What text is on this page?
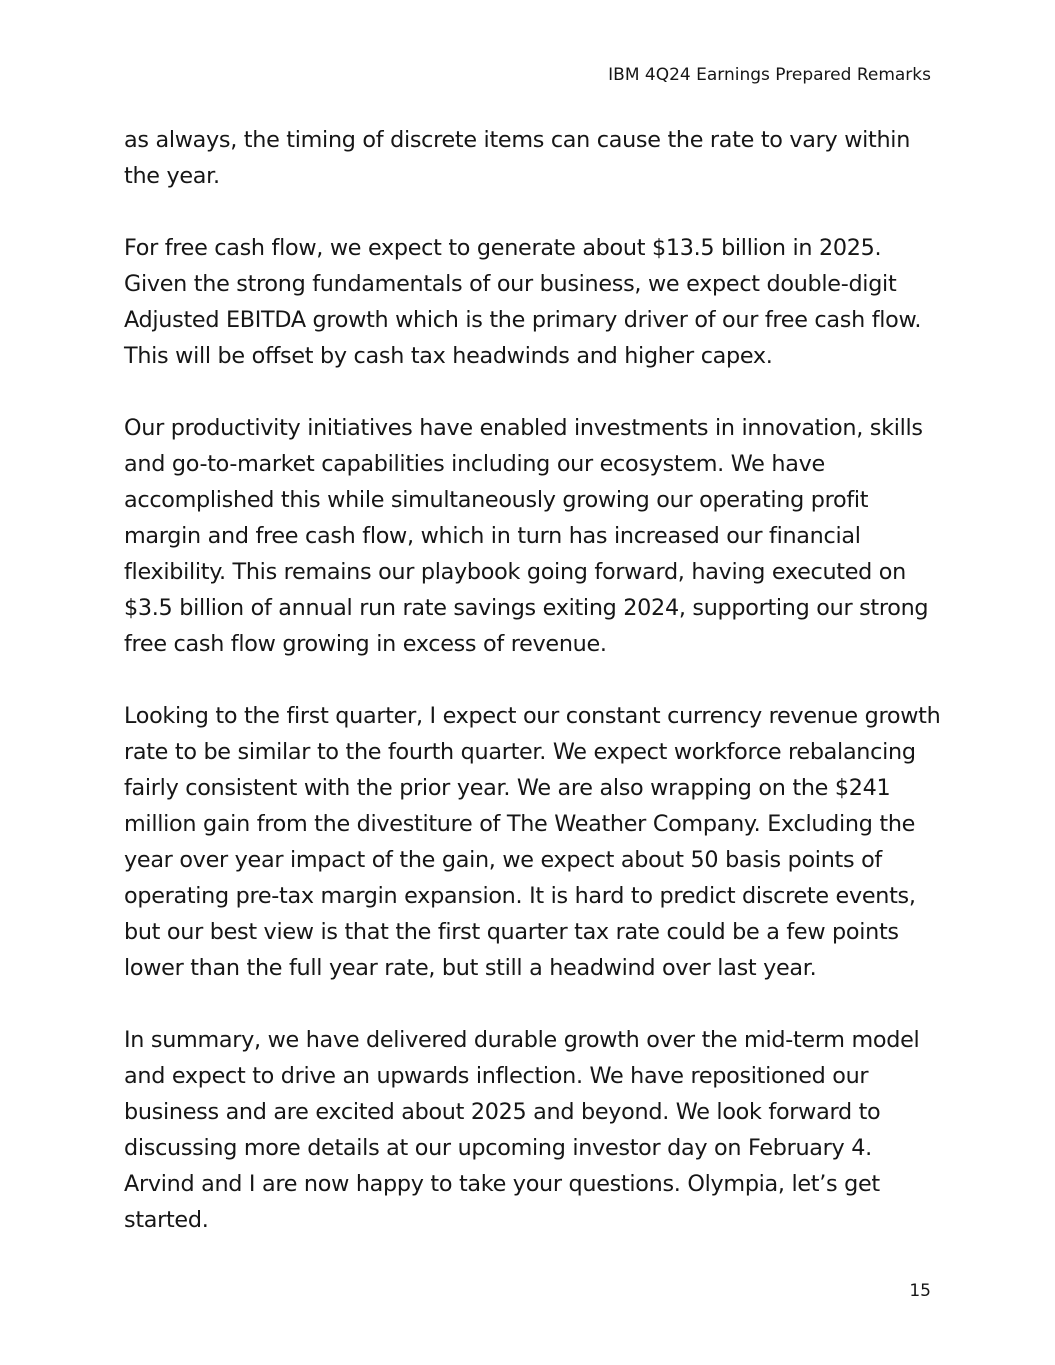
IBM 4Q24 Earnings Prepared Remarks

as always, the timing of discrete items can cause the rate to vary within
the year.

For free cash flow, we expect to generate about $13.5 billion in 2025.
Given the strong fundamentals of our business, we expect double-digit
Adjusted EBITDA growth which is the primary driver of our free cash flow.
This will be offset by cash tax headwinds and higher capex.

Our productivity initiatives have enabled investments in innovation, skills
and go-to-market capabilities including our ecosystem. We have
accomplished this while simultaneously growing our operating profit
margin and free cash flow, which in turn has increased our financial
flexibility. This remains our playbook going forward, having executed on
$3.5 billion of annual run rate savings exiting 2024, supporting our strong
free cash flow growing in excess of revenue.

Looking to the first quarter, I expect our constant currency revenue growth
rate to be similar to the fourth quarter. We expect workforce rebalancing
fairly consistent with the prior year. We are also wrapping on the $241
million gain from the divestiture of The Weather Company. Excluding the
year over year impact of the gain, we expect about 50 basis points of
operating pre-tax margin expansion. It is hard to predict discrete events,
but our best view is that the first quarter tax rate could be a few points
lower than the full year rate, but still a headwind over last year.

In summary, we have delivered durable growth over the mid-term model
and expect to drive an upwards inflection. We have repositioned our
business and are excited about 2025 and beyond. We look forward to
discussing more details at our upcoming investor day on February 4.
Arvind and I are now happy to take your questions. Olympia, let’s get
started.

15
